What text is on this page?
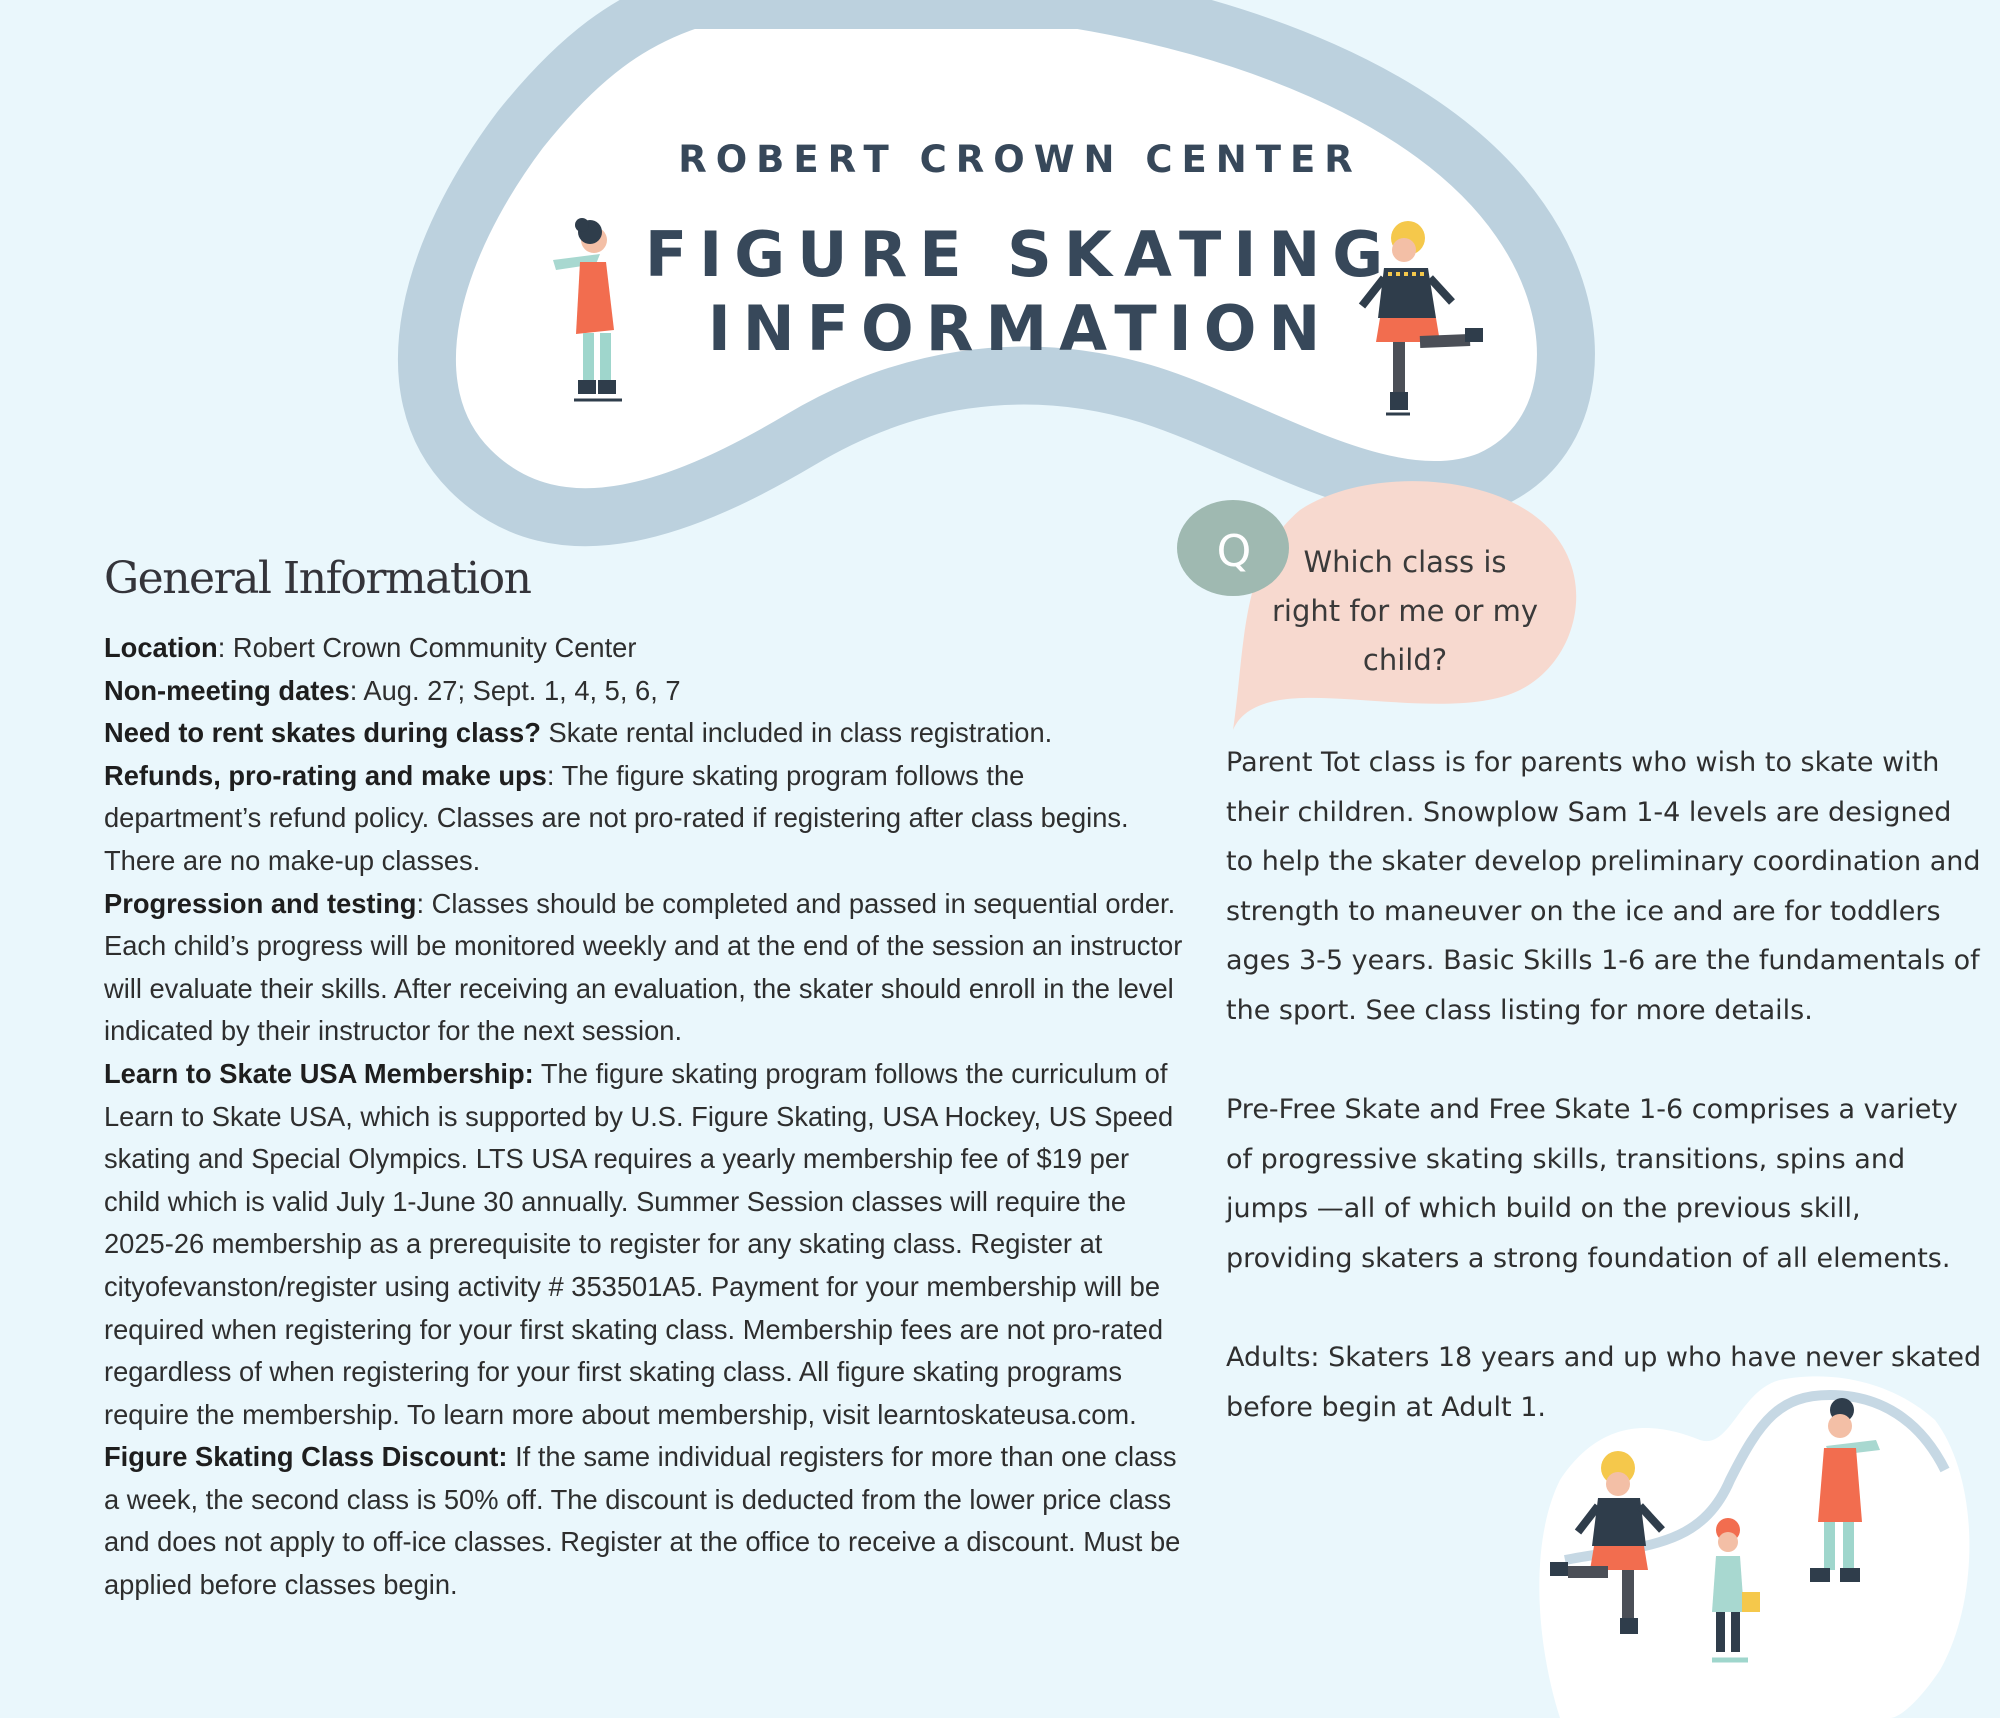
ROBERT CROWN CENTER
FIGURE SKATING
INFORMATION
General Information

Location: Robert Crown Community Center

Non-meeting dates: Aug. 27; Sept. 1, 4, 5, 6, 7

Need to rent skates during class? Skate rental included in class registration.

Refunds, pro-rating and make ups: The figure skating program follows the department’s refund policy. Classes are not pro-rated if registering after class begins. There are no make-up classes.

Progression and testing: Classes should be completed and passed in sequential order. Each child’s progress will be monitored weekly and at the end of the session an instructor will evaluate their skills. After receiving an evaluation, the skater should enroll in the level indicated by their instructor for the next session.

Learn to Skate USA Membership: The figure skating program follows the curriculum of Learn to Skate USA, which is supported by U.S. Figure Skating, USA Hockey, US Speed skating and Special Olympics. LTS USA requires a yearly membership fee of $19 per child which is valid July 1-June 30 annually. Summer Session classes will require the 2025-26 membership as a prerequisite to register for any skating class. Register at cityofevanston/register using activity # 353501A5. Payment for your membership will be required when registering for your first skating class. Membership fees are not pro-rated regardless of when registering for your first skating class. All figure skating programs require the membership. To learn more about membership, visit learntoskateusa.com.

Figure Skating Class Discount: If the same individual registers for more than one class a week, the second class is 50% off. The discount is deducted from the lower price class and does not apply to off-ice classes. Register at the office to receive a discount. Must be applied before classes begin.

Q	Which class is right for me or my child?

Parent Tot class is for parents who wish to skate with their children. Snowplow Sam 1-4 levels are designed to help the skater develop preliminary coordination and strength to maneuver on the ice and are for toddlers ages 3-5 years. Basic Skills 1-6 are the fundamentals of the sport. See class listing for more details.

Pre-Free Skate and Free Skate 1-6 comprises a variety of progressive skating skills, transitions, spins and jumps —all of which build on the previous skill, providing skaters a strong foundation of all elements.

Adults: Skaters 18 years and up who have never skated before begin at Adult 1.
